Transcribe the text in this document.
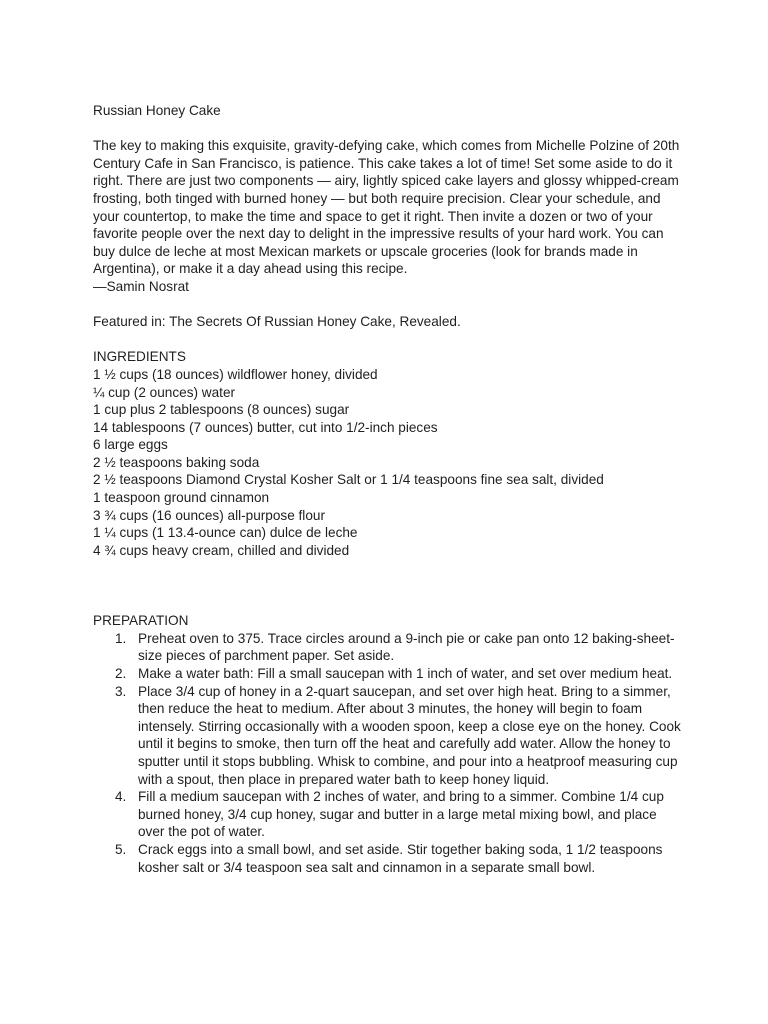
Russian Honey Cake

The key to making this exquisite, gravity-defying cake, which comes from Michelle Polzine of 20th Century Cafe in San Francisco, is patience. This cake takes a lot of time! Set some aside to do it right. There are just two components — airy, lightly spiced cake layers and glossy whipped-cream frosting, both tinged with burned honey — but both require precision. Clear your schedule, and your countertop, to make the time and space to get it right. Then invite a dozen or two of your favorite people over the next day to delight in the impressive results of your hard work. You can buy dulce de leche at most Mexican markets or upscale groceries (look for brands made in Argentina), or make it a day ahead using this recipe.

—Samin Nosrat

Featured in: The Secrets Of Russian Honey Cake, Revealed.

INGREDIENTS
1 ½ cups (18 ounces) wildflower honey, divided
¼ cup (2 ounces) water
1 cup plus 2 tablespoons (8 ounces) sugar
14 tablespoons (7 ounces) butter, cut into 1/2-inch pieces
6 large eggs
2 ½ teaspoons baking soda
2 ½ teaspoons Diamond Crystal Kosher Salt or 1 1/4 teaspoons fine sea salt, divided
1 teaspoon ground cinnamon
3 ¾ cups (16 ounces) all-purpose flour
1 ¼ cups (1 13.4-ounce can) dulce de leche
4 ¾ cups heavy cream, chilled and divided
PREPARATION
1. Preheat oven to 375. Trace circles around a 9-inch pie or cake pan onto 12 baking-sheet-size pieces of parchment paper. Set aside.
2. Make a water bath: Fill a small saucepan with 1 inch of water, and set over medium heat.
3. Place 3/4 cup of honey in a 2-quart saucepan, and set over high heat. Bring to a simmer, then reduce the heat to medium. After about 3 minutes, the honey will begin to foam intensely. Stirring occasionally with a wooden spoon, keep a close eye on the honey. Cook until it begins to smoke, then turn off the heat and carefully add water. Allow the honey to sputter until it stops bubbling. Whisk to combine, and pour into a heatproof measuring cup with a spout, then place in prepared water bath to keep honey liquid.
4. Fill a medium saucepan with 2 inches of water, and bring to a simmer. Combine 1/4 cup burned honey, 3/4 cup honey, sugar and butter in a large metal mixing bowl, and place over the pot of water.
5. Crack eggs into a small bowl, and set aside. Stir together baking soda, 1 1/2 teaspoons kosher salt or 3/4 teaspoon sea salt and cinnamon in a separate small bowl.
